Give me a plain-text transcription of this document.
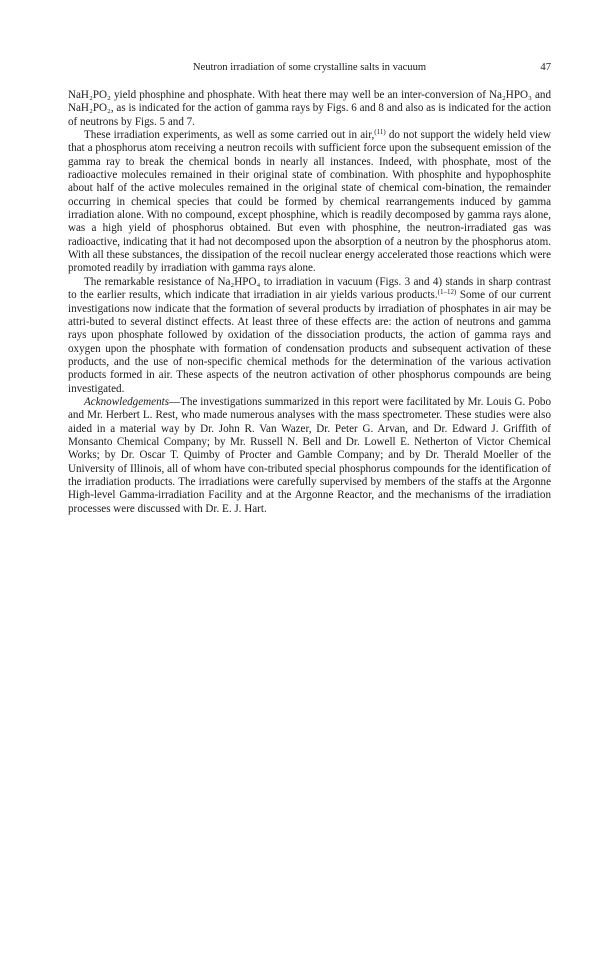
Neutron irradiation of some crystalline salts in vacuum	47

NaH₂PO₂ yield phosphine and phosphate. With heat there may well be an inter-conversion of Na₂HPO₃ and NaH₂PO₂, as is indicated for the action of gamma rays by Figs. 6 and 8 and also as is indicated for the action of neutrons by Figs. 5 and 7.

These irradiation experiments, as well as some carried out in air,$^{(11)}$ do not support the widely held view that a phosphorus atom receiving a neutron recoils with sufficient force upon the subsequent emission of the gamma ray to break the chemical bonds in nearly all instances. Indeed, with phosphate, most of the radioactive molecules remained in their original state of combination. With phosphite and hypophosphite about half of the active molecules remained in the original state of chemical com-bination, the remainder occurring in chemical species that could be formed by chemical rearrangements induced by gamma irradiation alone. With no compound, except phosphine, which is readily decomposed by gamma rays alone, was a high yield of phosphorus obtained. But even with phosphine, the neutron-irradiated gas was radioactive, indicating that it had not decomposed upon the absorption of a neutron by the phosphorus atom. With all these substances, the dissipation of the recoil nuclear energy accelerated those reactions which were promoted readily by irradiation with gamma rays alone.

The remarkable resistance of Na₂HPO₄ to irradiation in vacuum (Figs. 3 and 4) stands in sharp contrast to the earlier results, which indicate that irradiation in air yields various products.$^{(1-12)}$ Some of our current investigations now indicate that the formation of several products by irradiation of phosphates in air may be attri-buted to several distinct effects. At least three of these effects are: the action of neutrons and gamma rays upon phosphate followed by oxidation of the dissociation products, the action of gamma rays and oxygen upon the phosphate with formation of condensation products and subsequent activation of these products, and the use of non-specific chemical methods for the determination of the various activation products formed in air. These aspects of the neutron activation of other phosphorus compounds are being investigated.

Acknowledgements—The investigations summarized in this report were facilitated by Mr. Louis G. Pobo and Mr. Herbert L. Rest, who made numerous analyses with the mass spectrometer. These studies were also aided in a material way by Dr. John R. Van Wazer, Dr. Peter G. Arvan, and Dr. Edward J. Griffith of Monsanto Chemical Company; by Mr. Russell N. Bell and Dr. Lowell E. Netherton of Victor Chemical Works; by Dr. Oscar T. Quimby of Procter and Gamble Company; and by Dr. Therald Moeller of the University of Illinois, all of whom have con-tributed special phosphorus compounds for the identification of the irradiation products. The irradiations were carefully supervised by members of the staffs at the Argonne High-level Gamma-irradiation Facility and at the Argonne Reactor, and the mechanisms of the irradiation processes were discussed with Dr. E. J. Hart.
